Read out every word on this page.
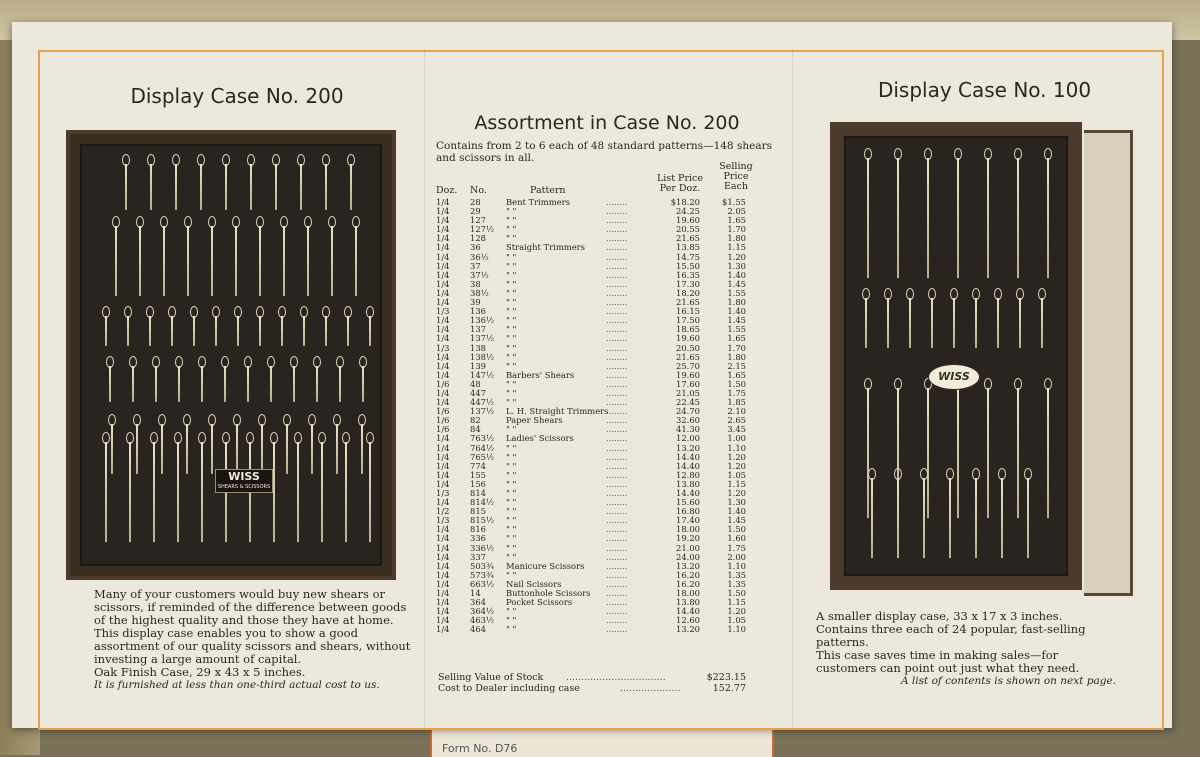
Form No. D76
Display Case No. 200
WISS
SHEARS & SCISSORS

Many of your customers would buy new shears or scissors, if reminded of the difference between goods of the highest quality and those they have at home.

This display case enables you to show a good assortment of our quality scissors and shears, without investing a large amount of capital.

Oak Finish Case, 29 x 43 x 5 inches.

It is furnished at less than one-third actual cost to us.

Assortment in Case No. 200
Contains from 2 to 6 each of 48 standard patterns—148 shears and scissors in all.
Doz. No.	Pattern
List Price Per Doz.
Selling Price Each
1/4 28	Bent Trimmers	$18.20	$1.55
........
1/4 29	" "	24.25	2.05
........
1/4 127 " "	19.60	1.65
........
1/4 127½ " "	20.55	1.70
........
1/4 128 " "	21.65	1.80
........
1/4 36	Straight Trimmers	13.85	1.15
........
1/4 36½ " "	14.75	1.20
........
1/4 37	" "	15.50	1.30
........
1/4 37½ " "	16.35	1.40
........
1/4 38	" "	17.30	1.45
........
1/4 38½ " "	18.20	1.55
........
1/4 39	" "	21.65	1.80
........
1/3 136 " "	16.15	1.40
........
1/4 136½ " "	17.50	1.45
........
1/4 137 " "	18.65	1.55
........
1/4 137½ " "	19.60	1.65
........
1/3 138 " "	20.50	1.70
........
1/4 138½ " "	21.65	1.80
........
1/4 139 " "	25.70	2.15
........
1/4 147½ Barbers' Shears	19.60	1.65
........
1/6 48	" "	17.60	1.50
........
1/4 447 " "	21.05	1.75
........
1/4 447½ " "	22.45	1.85
........
1/6 137½ L. H. Straight Trimmers	24.70	2.10
........
1/6 82	Paper Shears	32.60	2.65
........
1/6 84	" "	41.30	3.45
........
1/4 763½ Ladies' Scissors	12.00	1.00
........
1/4 764½ " "	13.20	1.10
........
1/4 765½ " "	14.40	1.20
........
1/4 774 " "	14.40	1.20
........
1/4 155 " "	12.80	1.05
........
1/4 156 " "	13.80	1.15
........
1/3 814 " "	14.40	1.20
........
1/4 814½ " "	15.60	1.30
........
1/2 815 " "	16.80	1.40
........
1/3 815½ " "	17.40	1.45
........
1/4 816 " "	18.00	1.50
........
1/4 336 " "	19.20	1.60
........
1/4 336½ " "	21.00	1.75
........
1/4 337 " "	24.00	2.00
........
1/4 503¾ Manicure Scissors	13.20	1.10
........
1/4 573¾ " "	16.20	1.35
........
1/4 663½ Nail Scissors	16.20	1.35
........
1/4 14	Buttonhole Scissors	18.00	1.50
........
1/4 364 Pocket Scissors	13.80	1.15
........
1/4 364½ " "	14.40	1.20
........
1/4 463½ " "	12.60	1.05
........
1/4 464 " "	13.20	1.10
........
Selling Value of Stock .................................	$223.15
Cost to Dealer including case	....................	152.77
Display Case No. 100
WISS

A smaller display case, 33 x 17 x 3 inches. Contains three each of 24 popular, fast-selling patterns.

This case saves time in making sales—for customers can point out just what they need.

A list of contents is shown on next page.
